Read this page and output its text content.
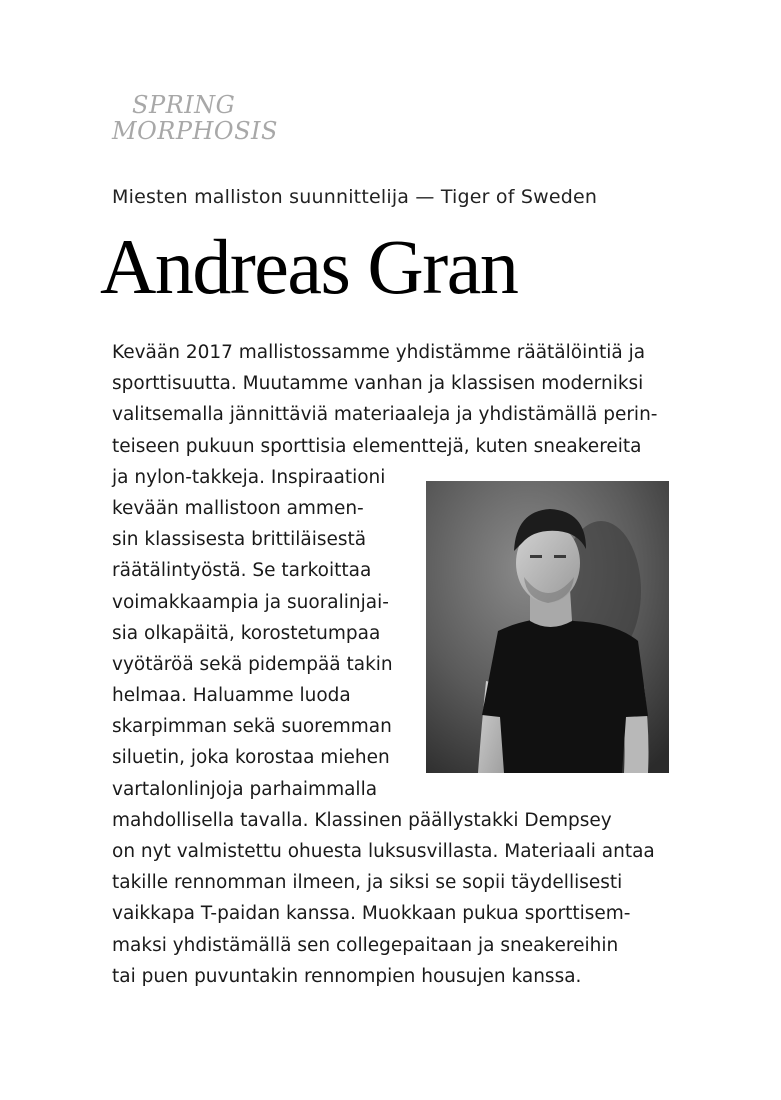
SPRING
MORPHOSIS
Miesten malliston suunnittelija — Tiger of Sweden
Andreas Gran
Kevään 2017 mallistossamme yhdistämme räätälöintiä ja
sporttisuutta. Muutamme vanhan ja klassisen moderniksi
valitsemalla jännittäviä materiaaleja ja yhdistämällä perin-
teiseen pukuun sporttisia elementtejä, kuten sneakereita
ja nylon-takkeja. Inspiraationi
kevään mallistoon ammen-
sin klassisesta brittiläisestä
räätälintyöstä. Se tarkoittaa
voimakkaampia ja suoralinjai-
sia olkapäitä, korostetumpaa
vyötäröä sekä pidempää takin
helmaa. Haluamme luoda
skarpimman sekä suoremman
siluetin, joka korostaa miehen
vartalonlinjoja parhaimmalla
mahdollisella tavalla. Klassinen päällystakki Dempsey
on nyt valmistettu ohuesta luksusvillasta. Materiaali antaa
takille rennomman ilmeen, ja siksi se sopii täydellisesti
vaikkapa T-paidan kanssa. Muokkaan pukua sporttisem-
maksi yhdistämällä sen collegepaitaan ja sneakereihin
tai puen puvuntakin rennompien housujen kanssa.
